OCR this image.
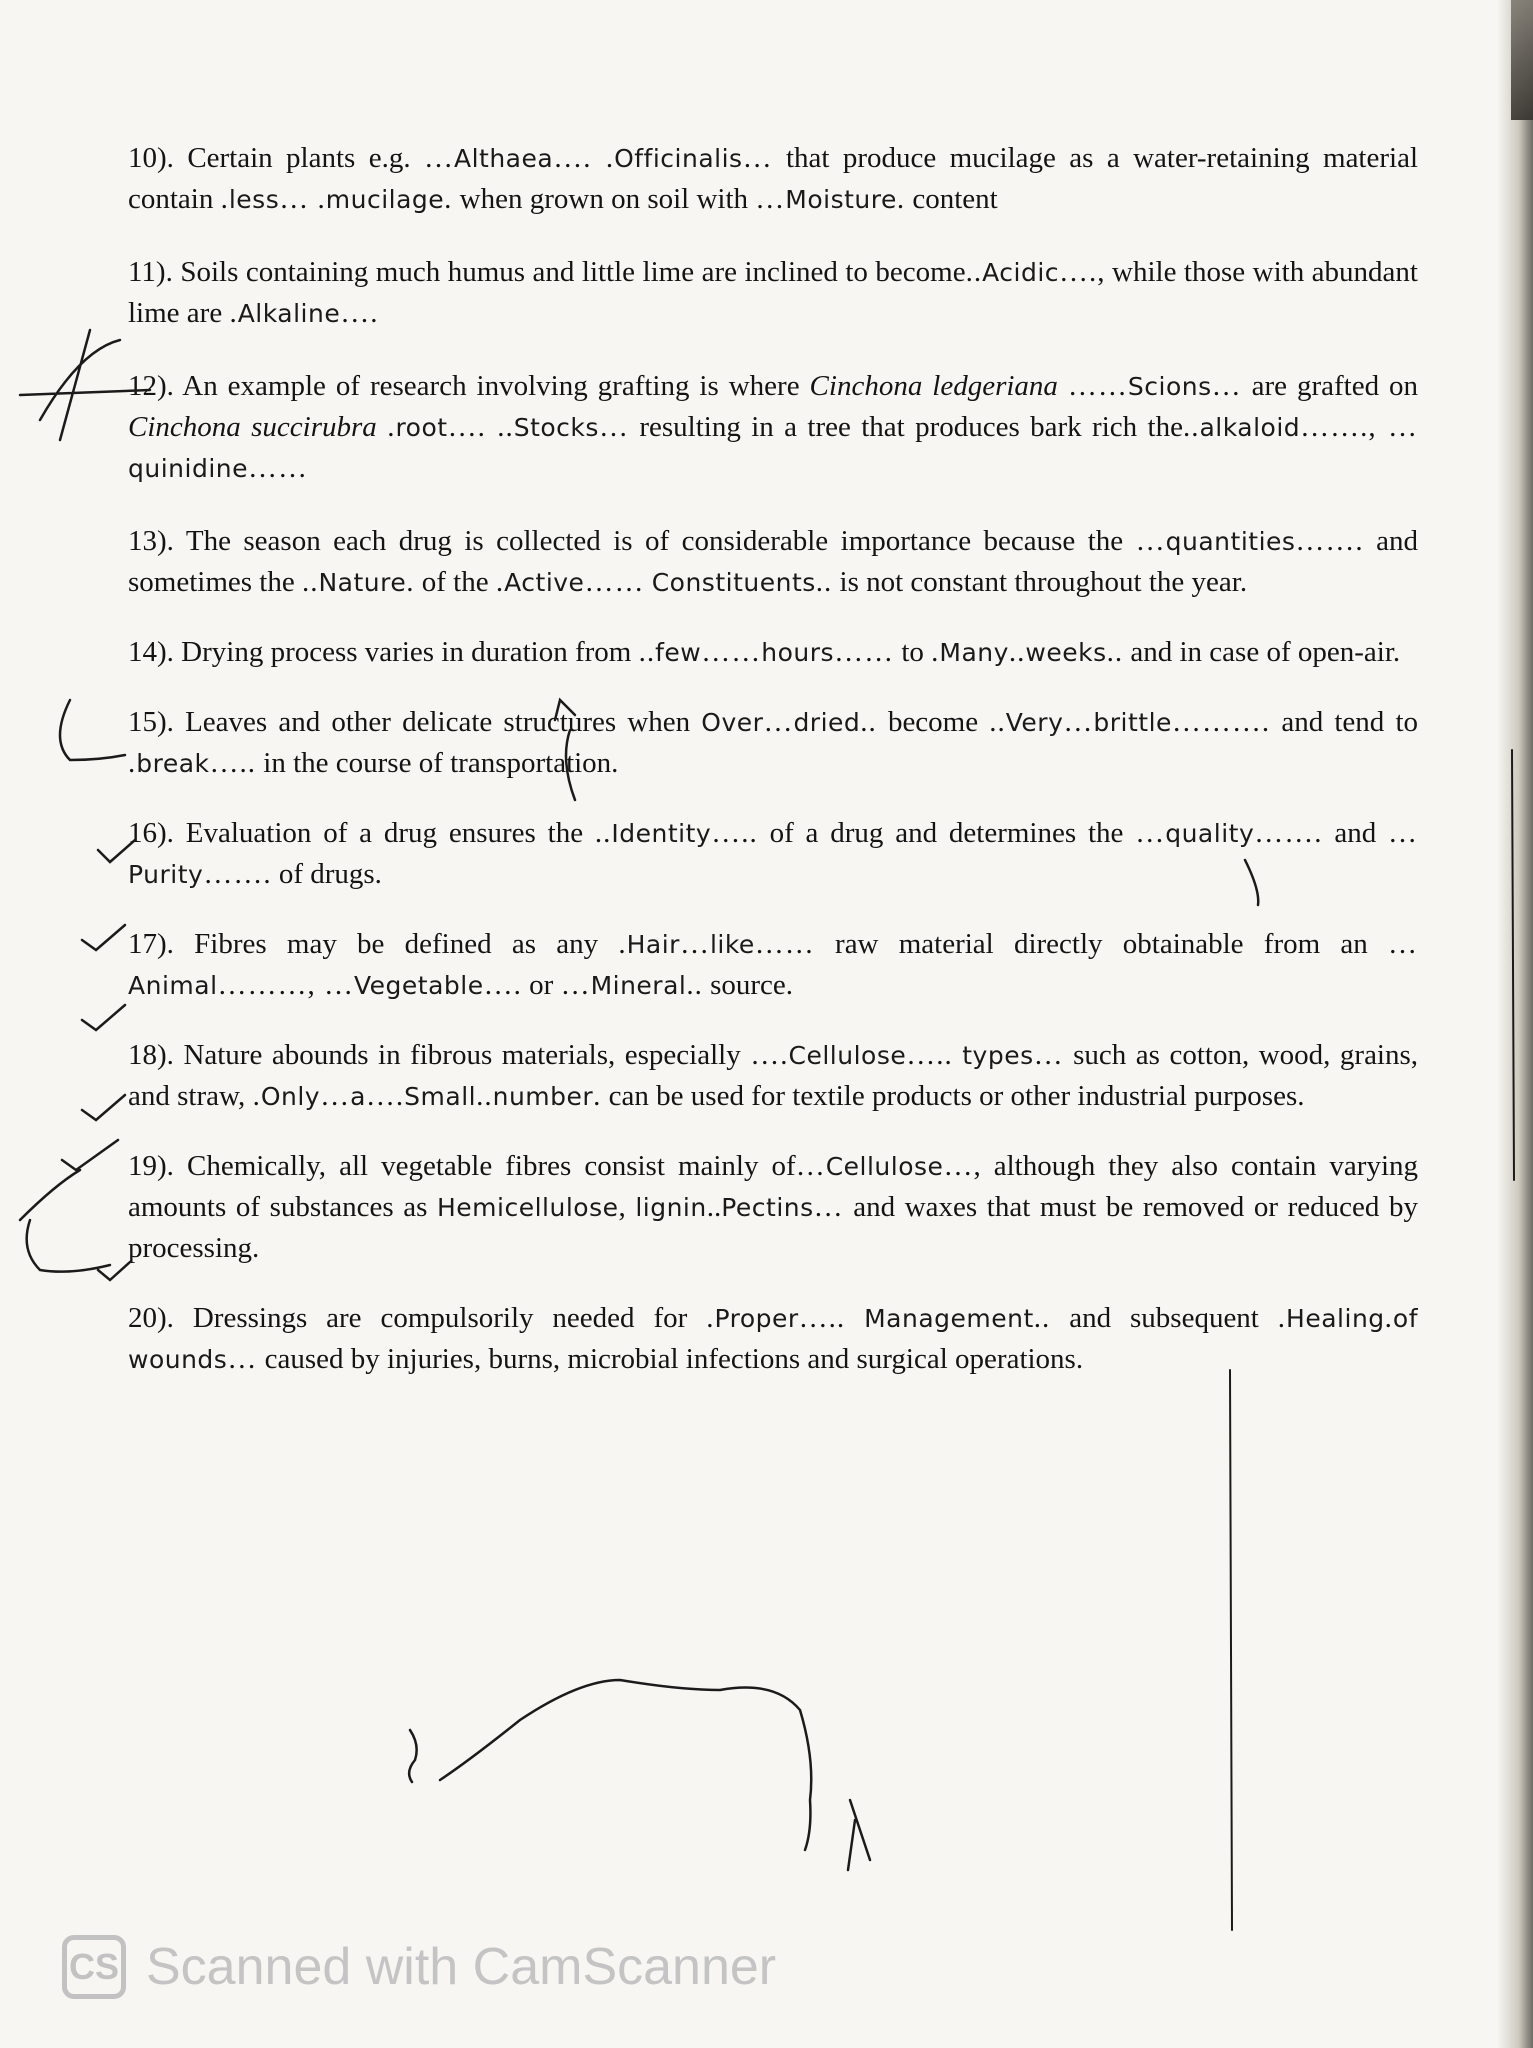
10). Certain plants e.g. …Althaea…. .Officinalis… that produce mucilage as a water-retaining material contain .less… .mucilage. when grown on soil with …Moisture. content

11). Soils containing much humus and little lime are inclined to become..Acidic…., while those with abundant lime are .Alkaline….

12). An example of research involving grafting is where Cinchona ledgeriana ……Scions… are grafted on Cinchona succirubra .root…. ..Stocks… resulting in a tree that produces bark rich the..alkaloid……., …quinidine……

13). The season each drug is collected is of considerable importance because the …quantities……. and sometimes the ..Nature. of the .Active…… Constituents.. is not constant throughout the year.

14). Drying process varies in duration from ..few……hours…… to .Many..weeks.. and in case of open-air.

15). Leaves and other delicate structures when Over…dried.. become ..Very…brittle………. and tend to .break….. in the course of transportation.

16). Evaluation of a drug ensures the ..Identity….. of a drug and determines the …quality……. and …Purity……. of drugs.

17). Fibres may be defined as any .Hair…like…… raw material directly obtainable from an …Animal………, …Vegetable…. or …Mineral.. source.

18). Nature abounds in fibrous materials, especially ….Cellulose….. types… such as cotton, wood, grains, and straw, .Only…a….Small..number. can be used for textile products or other industrial purposes.

19). Chemically, all vegetable fibres consist mainly of…Cellulose…, although they also contain varying amounts of substances as Hemicellulose, lignin..Pectins… and waxes that must be removed or reduced by processing.

20). Dressings are compulsorily needed for .Proper….. Management.. and subsequent .Healing.of wounds… caused by injuries, burns, microbial infections and surgical operations.

CS Scanned with CamScanner
